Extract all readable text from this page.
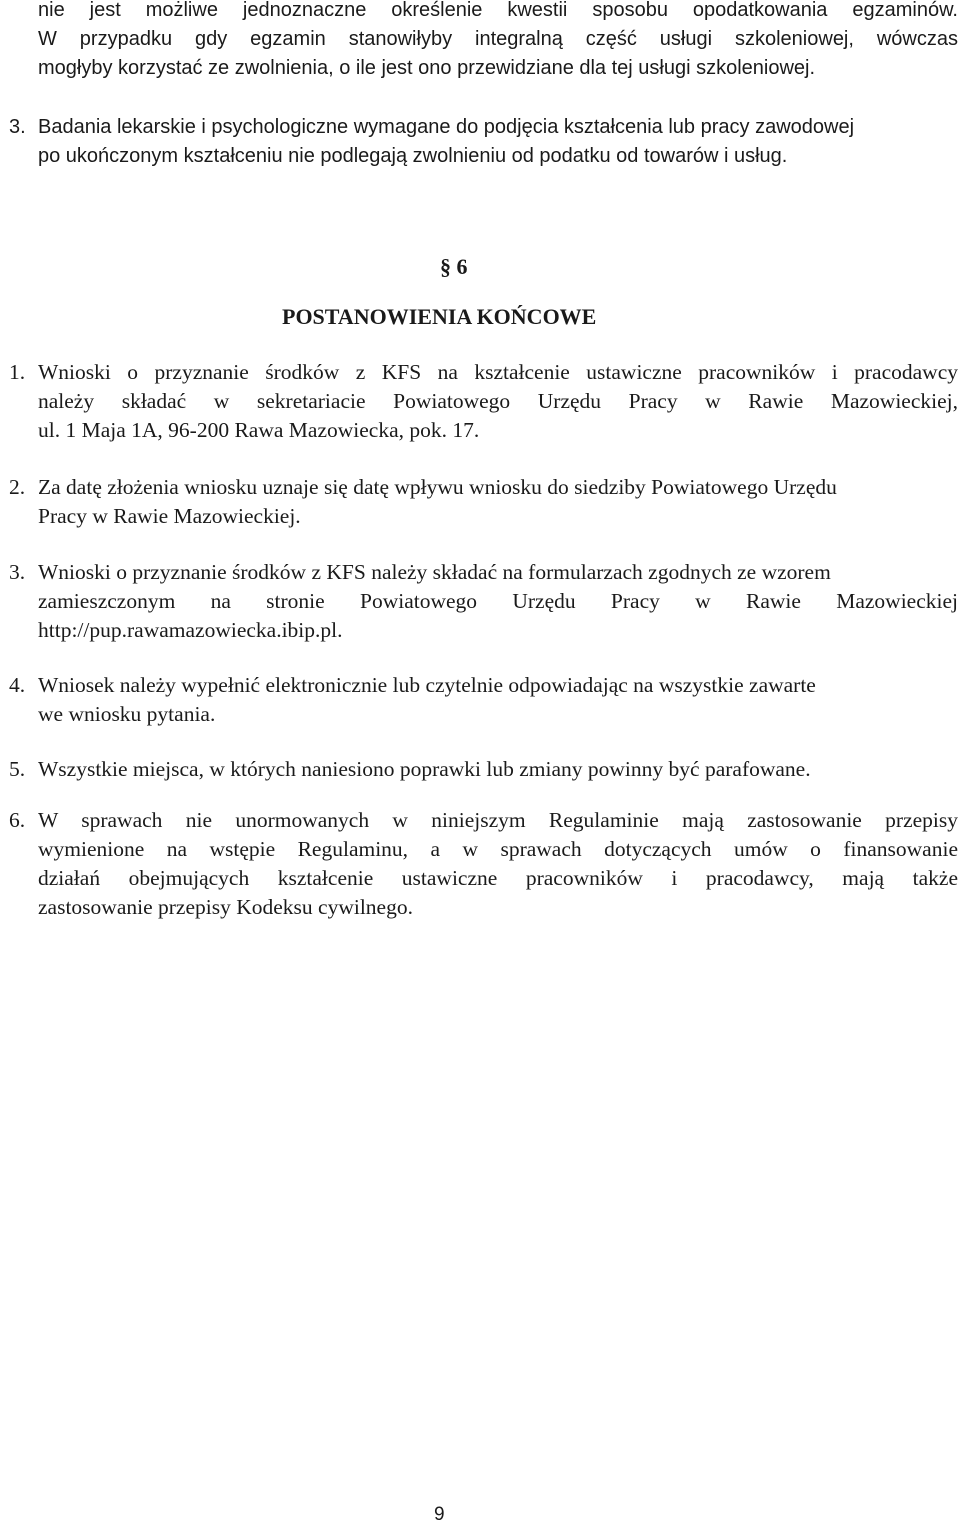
nie jest możliwe jednoznaczne określenie kwestii sposobu opodatkowania egzaminów.
W przypadku gdy egzamin stanowiłyby integralną część usługi szkoleniowej, wówczas
mogłyby korzystać ze zwolnienia, o ile jest ono przewidziane dla tej usługi szkoleniowej.
3. Badania lekarskie i psychologiczne wymagane do podjęcia kształcenia lub pracy zawodowej
po ukończonym kształceniu nie podlegają zwolnieniu od podatku od towarów i usług.
§ 6
POSTANOWIENIA KOŃCOWE
1. Wnioski o przyznanie środków z KFS na kształcenie ustawiczne pracowników i pracodawcy
należy składać w sekretariacie Powiatowego Urzędu Pracy w Rawie Mazowieckiej,
ul. 1 Maja 1A, 96-200 Rawa Mazowiecka, pok. 17.
2. Za datę złożenia wniosku uznaje się datę wpływu wniosku do siedziby Powiatowego Urzędu
Pracy w Rawie Mazowieckiej.
3. Wnioski o przyznanie środków z KFS należy składać na formularzach zgodnych ze wzorem
zamieszczonym na stronie Powiatowego Urzędu Pracy w Rawie Mazowieckiej
http://pup.rawamazowiecka.ibip.pl.
4. Wniosek należy wypełnić elektronicznie lub czytelnie odpowiadając na wszystkie zawarte
we wniosku pytania.
5. Wszystkie miejsca, w których naniesiono poprawki lub zmiany powinny być parafowane.
6. W sprawach nie unormowanych w niniejszym Regulaminie mają zastosowanie przepisy
wymienione na wstępie Regulaminu, a w sprawach dotyczących umów o finansowanie
działań obejmujących kształcenie ustawiczne pracowników i pracodawcy, mają także
zastosowanie przepisy Kodeksu cywilnego.
9
